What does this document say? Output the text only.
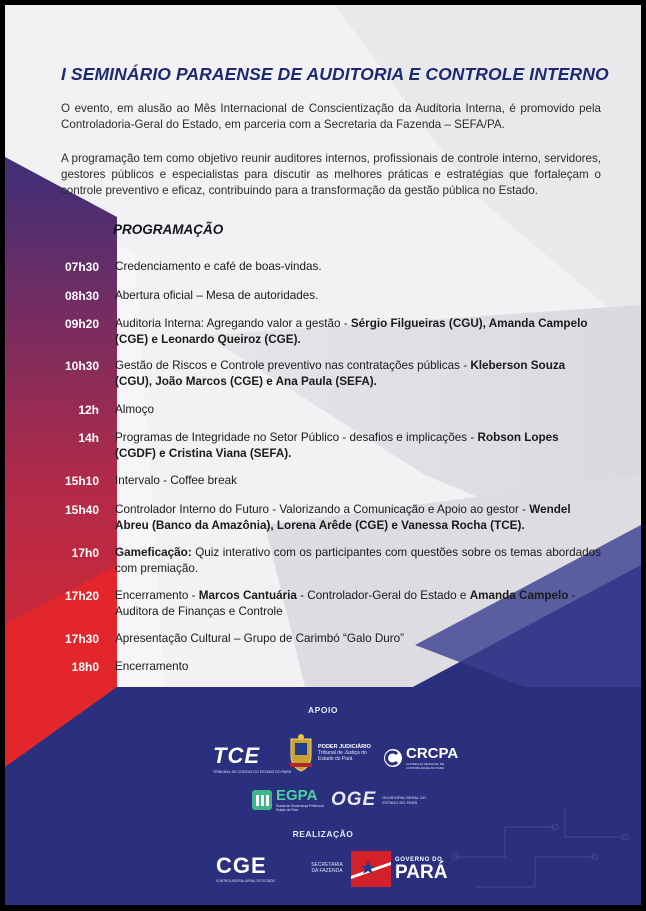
I SEMINÁRIO PARAENSE DE AUDITORIA E CONTROLE INTERNO

O evento, em alusão ao Mês Internacional de Conscientização da Auditoria Interna, é promovido pela Controladoria-Geral do Estado, em parceria com a Secretaria da Fazenda – SEFA/PA.

A programação tem como objetivo reunir auditores internos, profissionais de controle interno, servidores, gestores públicos e especialistas para discutir as melhores práticas e estratégias que fortaleçam o controle preventivo e eficaz, contribuindo para a transformação da gestão pública no Estado.

PROGRAMAÇÃO
07h30 Credenciamento e café de boas-vindas.
08h30 Abertura oficial – Mesa de autoridades.
09h20 Auditoria Interna: Agregando valor a gestão - Sérgio Filgueiras (CGU), Amanda Campelo (CGE) e Leonardo Queiroz (CGE).
10h30 Gestão de Riscos e Controle preventivo nas contratações públicas - Kleberson Souza (CGU), João Marcos (CGE) e Ana Paula (SEFA).
12h Almoço
14h Programas de Integridade no Setor Público - desafios e implicações - Robson Lopes (CGDF) e Cristina Viana (SEFA).
15h10 Intervalo - Coffee break
15h40 Controlador Interno do Futuro - Valorizando a Comunicação e Apoio ao gestor - Wendel Abreu (Banco da Amazônia), Lorena Arêde (CGE) e Vanessa Rocha (TCE).
17h0 Gameficação: Quiz interativo com os participantes com questões sobre os temas abordados com premiação.
17h20 Encerramento - Marcos Cantuária - Controlador-Geral do Estado e Amanda Campelo - Auditora de Finanças e Controle
17h30 Apresentação Cultural – Grupo de Carimbó “Galo Duro”
18h0 Encerramento
APOIO
TCE
TRIBUNAL DE CONTAS DO ESTADO DO PARÁ
PODER JUDICIÁRIO
Tribunal de Justiça do Estado do Pará	CRCPA
CONSELHO REGIONAL DE CONTABILIDADE DO PARÁ
EGPA
Escola de Governança Pública do Estado do Pará	OGE OUVIDORIA GERAL DO ESTADO DO PARÁ
REALIZAÇÃO
CGE
CONTROLADORIA-GERAL DO ESTADO
SECRETARIA DA FAZENDA
GOVERNO DO
PARÁ
